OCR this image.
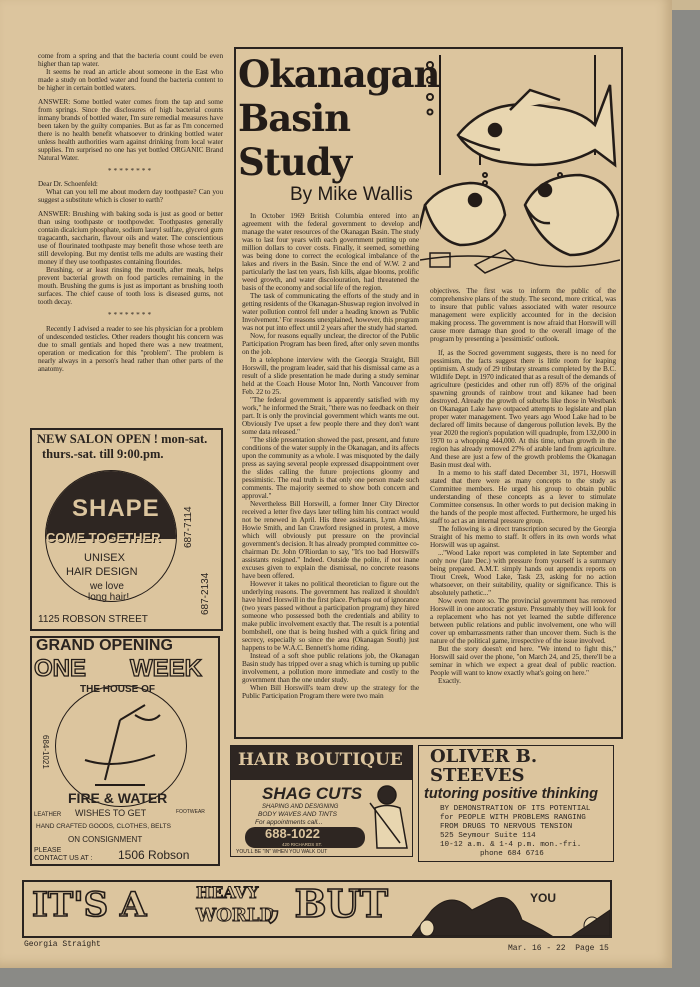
come from a spring and that the bacteria count could be even higher than tap water.

It seems he read an article about someone in the East who made a study on bottled water and found the bacteria content to be higher in certain bottled waters.

ANSWER: Some bottled water comes from the tap and some from springs. Since the disclosures of high bacterial counts inmany brands of bottled water, I'm sure remedial measures have been taken by the guilty companies. But as far as I'm concerned there is no health benefit whatsoever to drinking bottled water unless health authorities warn against drinking from local water supplies. I'm surprised no one has yet bottled ORGANIC Brand Natural Water.

********

Dear Dr. Schoenfeld:

What can you tell me about modern day toothpaste? Can you suggest a substitute which is closer to earth?

ANSWER: Brushing with baking soda is just as good or better than using toothpaste or toothpowder. Toothpastes generally contain dicalcium phosphate, sodium lauryl sulfate, glycerol gum tragacanth, saccharin, flavour oils and water. The conscientious use of flourinated toothpaste may benefit those whose teeth are still developing. But my dentist tells me adults are wasting their money if they use toothpastes containing flourides.

Brushing, or ar least rinsing the mouth, after meals, helps prevent bacterial growth on food particles remaining in the mouth. Brushing the gums is just as important as brushing tooth surfaces. The chief cause of tooth loss is diseased gums, not tooth decay.

********

Recently I advised a reader to see his physician for a problem of undescended testicles. Other readers thought his concern was due to small gentials and hoped there was a new treatment, operation or medication for this "problem". The problem is nearly always in a person's head rather than other parts of the anatomy.

Okanagan
Basin
Study
By Mike Wallis

In October 1969 British Columbia entered into an agreement with the federal government to develop and manage the water resources of the Okanagan Basin. The study was to last four years with each government putting up one million dollars to cover costs. Finally, it seemed, something was being done to correct the ecological imbalance of the lakes and rivers in the Basin. Since the end of W.W. 2 and particularly the last ten years, fish kills, algae blooms, prolific weed growth, and water discolouration, had threatened the basis of the economy and social life of the region.

The task of communicating the efforts of the study and in getting residents of the Okanagan-Shuswap region involved in water pollution control fell under a heading known as 'Public Involvement.' For reasons unexplained, however, this program was not put into effect until 2 years after the study had started.

Now, for reasons equally unclear, the director of the Public Participation Program has been fired, after only seven months on the job.

In a telephone interview with the Georgia Straight, Bill Horswill, the program leader, said that his dismissal came as a result of a slide presentation he made during a study seminar held at the Coach House Motor Inn, North Vancouver from Feb. 22 to 25.

"The federal government is apparently satisfied with my work," he informed the Strait, "there was no feedback on their part. It is only the provincial government which wants me out. Obviously I've upset a few people there and they don't want some data released."

"The slide presentation showed the past, present, and future conditions of the water supply in the Okanagan, and its affects upon the community as a whole. I was misquoted by the daily press as saying several people expressed disappointment over the slides calling the future projections gloomy and pessimistic. The real truth is that only one person made such comments. The majority seemed to show both concern and approval."

Nevertheless Bill Horswill, a former Inner City Director received a letter five days later telling him his contract would not be renewed in April. His three assistants, Lynn Atkins, Howie Smith, and Ian Crawford resigned in protest, a move which will obviously put pressure on the provincial government's decision. It has already prompted committee co-chairman Dr. John O'Riordan to say, "It's too bad Horswill's assistants resigned." Indeed. Outside the polite, if not inane excuses given to explain the dismissal, no concrete reasons have been offered.

However it takes no political theoretician to figure out the underlying reasons. The government has realized it shouldn't have hired Horswill in the first place. Perhaps out of ignorance (two years passed without a participation program) they hired someone who possessed both the credentials and ability to make public involvement exactly that. The result is a potential bombshell, one that is being hushed with a quick firing and secrecy, especially so since the area (Okanagan South) just happens to be W.A.C. Bennett's home riding.

Instead of a soft shoe public relations job, the Okanagan Basin study has tripped over a snag which is turning up public involvement, a pollution more immediate and costly to the government than the one under study.

When Bill Horswill's team drew up the strategy for the Public Participation Program there were two main

objectives. The first was to inform the public of the comprehensive plans of the study. The second, more critical, was to insure that public values associated with water resource management were explicitly accounted for in the decision making process. The government is now afraid that Horswill will cause more damage than good to the overall image of the program by presenting a 'pessimistic' outlook.

If, as the Socred government suggests, there is no need for pessimism, the facts suggest there is little room for leaping optimism. A study of 29 tributary streams completed by the B.C. Wildlife Dept. in 1970 indicated that as a result of the demands of agriculture (pesticides and other run off) 85% of the original spawning grounds of rainbow trout and kikanee had been destroyed. Already the growth of suburbs like those in Westbank on Okanagan Lake have outpaced attempts to legislate and plan proper water management. Two years ago Wood Lake had to be declared off limits because of dangerous pollution levels. By the year 2020 the region's population will quadruple, from 132,000 in 1970 to a whopping 444,000. At this time, urban growth in the region has already removed 27% of arable land from agriculture. And these are just a few of the growth problems the Okanagan Basin must deal with.

In a memo to his staff dated December 31, 1971, Horswill stated that there were as many concepts to the study as Committee members. He urged his group to obtain public understanding of these concepts as a lever to stimulate Committee consensus. In other words to put decision making in the hands of the people most affected. Furthermore, he urged his staff to act as an internal pressure group.

The following is a direct transcription secured by the Georgia Straight of his memo to staff. It offers in its own words what Horswill was up against.

..."Wood Lake report was completed in late September and only now (late Dec.) with pressure from yourself is a summary being prepared. A.M.T. simply hands out appendix reports on Trout Creek, Wood Lake, Task 23, asking for no action whatsoever, on their suitability, quality or significance. This is absolutely pathetic..."

Now even more so. The provincial government has removed Horswill in one autocratic gesture. Presumably they will look for a replacement who has not yet learned the subtle difference between public relations and public involvement, one who will cover up embarrassments rather than uncover them. Such is the nature of the political game, irrespective of the issue involved.

But the story doesn't end here. "We intend to fight this," Horswill said over the phone, "on March 24, and 25, there'll be a seminar in which we expect a great deal of public reaction. People will want to know exactly what's going on here."

Exactly.

NEW SALON OPEN ! mon-sat.
thurs.-sat. till 9:00.pm.
SHAPE
COME TOGETHER
UNISEX
HAIR DESIGN
we love
long hair!
687-7114
687-2134
1125 ROBSON STREET
GRAND OPENING
ONE WEEK
THE HOUSE OF
684-1021
FIRE & WATER
WISHES TO GET
LEATHER	FOOTWEAR
HAND CRAFTED GOODS, CLOTHES, BELTS
ON CONSIGNMENT
PLEASE
CONTACT US AT : 1506 Robson
HAIR BOUTIQUE
SHAG CUTS
SHAPING AND DESIGNING
BODY WAVES AND TINTS
For appointments call...
688-1022
420 RICHARDS ST.
YOU'LL BE "IN" WHEN YOU WALK OUT
OLIVER B.
STEEVES
tutoring positive thinking
BY DEMONSTRATION OF ITS POTENTIAL
for PEOPLE WITH PROBLEMS RANGING
FROM DRUGS TO NERVOUS TENSION
525 Seymour Suite 114
10-12 a.m. & 1-4 p.m. mon.-fri.
phone 684 6716
IT'S A	HEAVY
WORLD
, BUT	YOU
Georgia Straight	Mar. 16 - 22  Page 15
